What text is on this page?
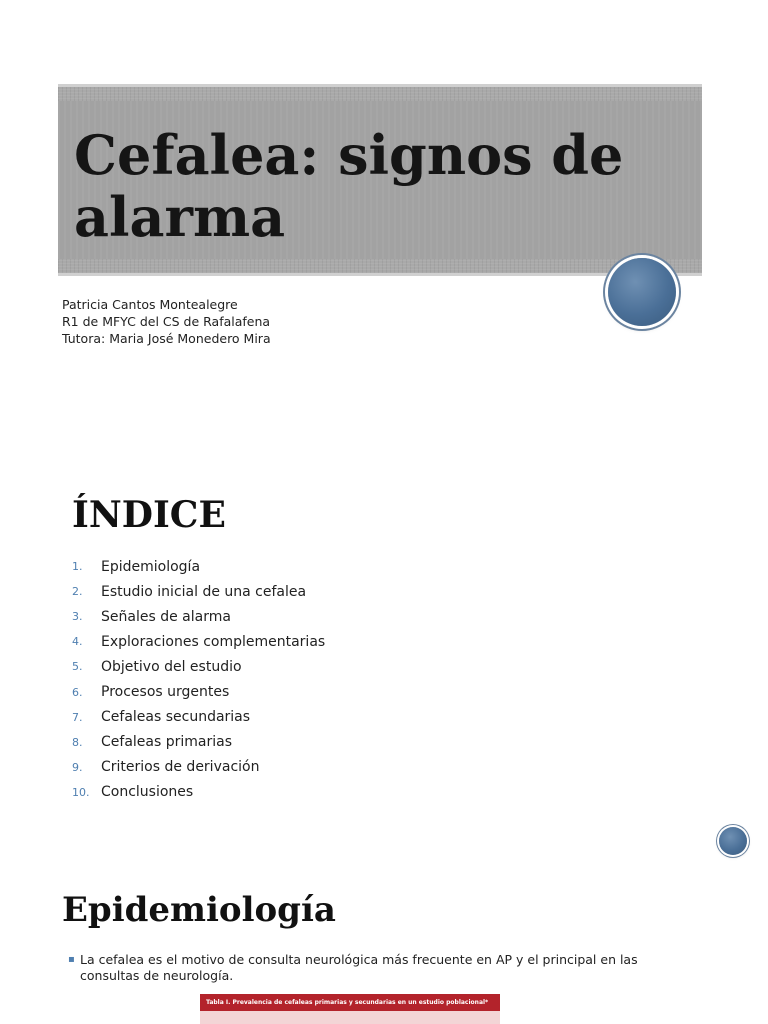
Cefalea: signos de alarma
Patricia Cantos Montealegre
R1 de MFYC del CS de Rafalafena
Tutora: Maria José Monedero Mira
ÍNDICE
1.	Epidemiología
2.	Estudio inicial de una cefalea
3.	Señales de alarma
4.	Exploraciones complementarias
5.	Objetivo del estudio
6.	Procesos urgentes
7.	Cefaleas secundarias
8.	Cefaleas primarias
9.	Criterios de derivación
10. Conclusiones
Epidemiología
▪ La cefalea es el motivo de consulta neurológica más frecuente en AP y el principal en las consultas de neurología.
Tabla I. Prevalencia de cefaleas primarias y secundarias en un estudio poblacional*
